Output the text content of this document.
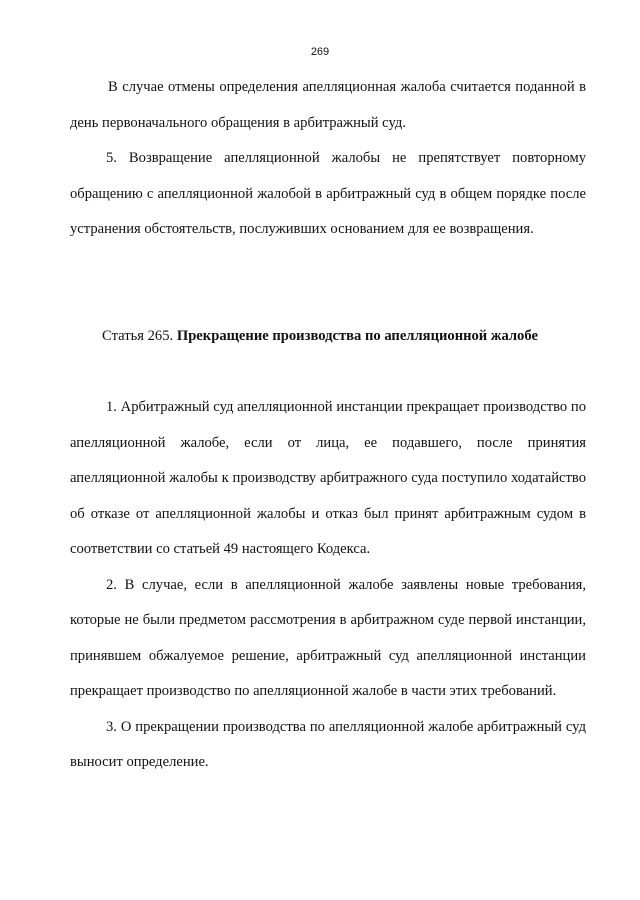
269

В случае отмены определения апелляционная жалоба считается поданной в день первоначального обращения в арбитражный суд.

5. Возвращение апелляционной жалобы не препятствует повторному обращению с апелляционной жалобой в арбитражный суд в общем порядке после устранения обстоятельств, послуживших основанием для ее возвращения.

Статья 265. Прекращение производства по апелляционной жалобе

1. Арбитражный суд апелляционной инстанции прекращает производство по апелляционной жалобе, если от лица, ее подавшего, после принятия апелляционной жалобы к производству арбитражного суда поступило ходатайство об отказе от апелляционной жалобы и отказ был принят арбитражным судом в соответствии со статьей 49 настоящего Кодекса.

2. В случае, если в апелляционной жалобе заявлены новые требования, которые не были предметом рассмотрения в арбитражном суде первой инстанции, принявшем обжалуемое решение, арбитражный суд апелляционной инстанции прекращает производство по апелляционной жалобе в части этих требований.

3. О прекращении производства по апелляционной жалобе арбитражный суд выносит определение.
